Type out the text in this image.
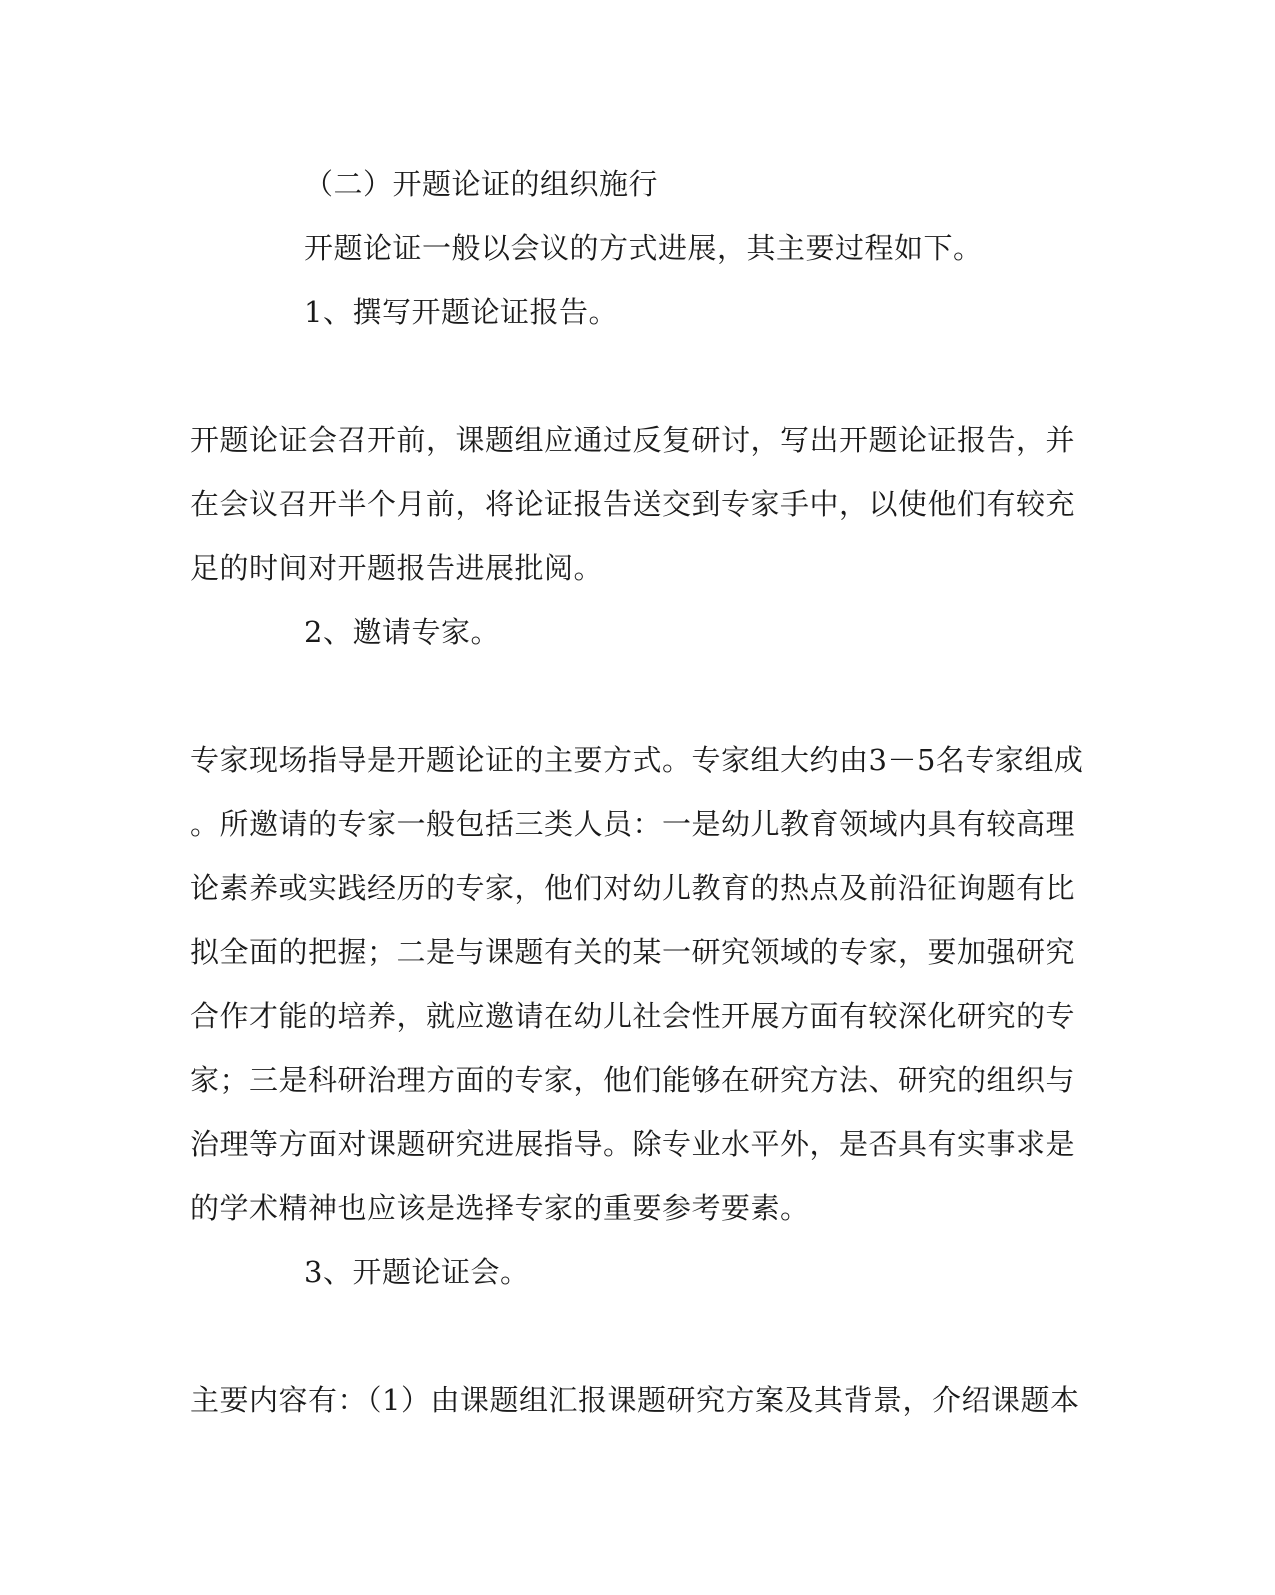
（二）开题论证的组织施行
开题论证一般以会议的方式进展，其主要过程如下。
1、撰写开题论证报告。
开题论证会召开前，课题组应通过反复研讨，写出开题论证报告，并
在会议召开半个月前，将论证报告送交到专家手中，以使他们有较充
足的时间对开题报告进展批阅。
2、邀请专家。
专家现场指导是开题论证的主要方式。专家组大约由3－5名专家组成
。所邀请的专家一般包括三类人员：一是幼儿教育领域内具有较高理
论素养或实践经历的专家，他们对幼儿教育的热点及前沿征询题有比
拟全面的把握；二是与课题有关的某一研究领域的专家，要加强研究
合作才能的培养，就应邀请在幼儿社会性开展方面有较深化研究的专
家；三是科研治理方面的专家，他们能够在研究方法、研究的组织与
治理等方面对课题研究进展指导。除专业水平外，是否具有实事求是
的学术精神也应该是选择专家的重要参考要素。
3、开题论证会。
主要内容有：（1）由课题组汇报课题研究方案及其背景，介绍课题本
